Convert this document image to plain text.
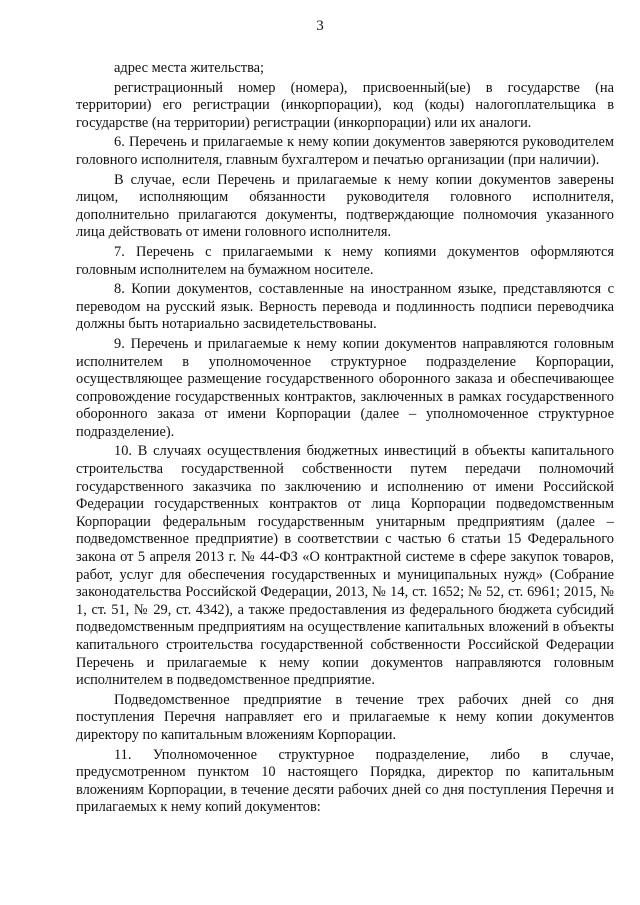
3

адрес места жительства;

регистрационный номер (номера), присвоенный(ые) в государстве (на территории) его регистрации (инкорпорации), код (коды) налогоплательщика в государстве (на территории) регистрации (инкорпорации) или их аналоги.

6. Перечень и прилагаемые к нему копии документов заверяются руководителем головного исполнителя, главным бухгалтером и печатью организации (при наличии).

В случае, если Перечень и прилагаемые к нему копии документов заверены лицом, исполняющим обязанности руководителя головного исполнителя, дополнительно прилагаются документы, подтверждающие полномочия указанного лица действовать от имени головного исполнителя.

7. Перечень с прилагаемыми к нему копиями документов оформляются головным исполнителем на бумажном носителе.

8. Копии документов, составленные на иностранном языке, представляются с переводом на русский язык. Верность перевода и подлинность подписи переводчика должны быть нотариально засвидетельствованы.

9. Перечень и прилагаемые к нему копии документов направляются головным исполнителем в уполномоченное структурное подразделение Корпорации, осуществляющее размещение государственного оборонного заказа и обеспечивающее сопровождение государственных контрактов, заключенных в рамках государственного оборонного заказа от имени Корпорации (далее – уполномоченное структурное подразделение).

10. В случаях осуществления бюджетных инвестиций в объекты капитального строительства государственной собственности путем передачи полномочий государственного заказчика по заключению и исполнению от имени Российской Федерации государственных контрактов от лица Корпорации подведомственным Корпорации федеральным государственным унитарным предприятиям (далее – подведомственное предприятие) в соответствии с частью 6 статьи 15 Федерального закона от 5 апреля 2013 г. № 44-ФЗ «О контрактной системе в сфере закупок товаров, работ, услуг для обеспечения государственных и муниципальных нужд» (Собрание законодательства Российской Федерации, 2013, № 14, ст. 1652; № 52, ст. 6961; 2015, № 1, ст. 51, № 29, ст. 4342), а также предоставления из федерального бюджета субсидий подведомственным предприятиям на осуществление капитальных вложений в объекты капитального строительства государственной собственности Российской Федерации Перечень и прилагаемые к нему копии документов направляются головным исполнителем в подведомственное предприятие.

Подведомственное предприятие в течение трех рабочих дней со дня поступления Перечня направляет его и прилагаемые к нему копии документов директору по капитальным вложениям Корпорации.

11. Уполномоченное структурное подразделение, либо в случае, предусмотренном пунктом 10 настоящего Порядка, директор по капитальным вложениям Корпорации, в течение десяти рабочих дней со дня поступления Перечня и прилагаемых к нему копий документов:
